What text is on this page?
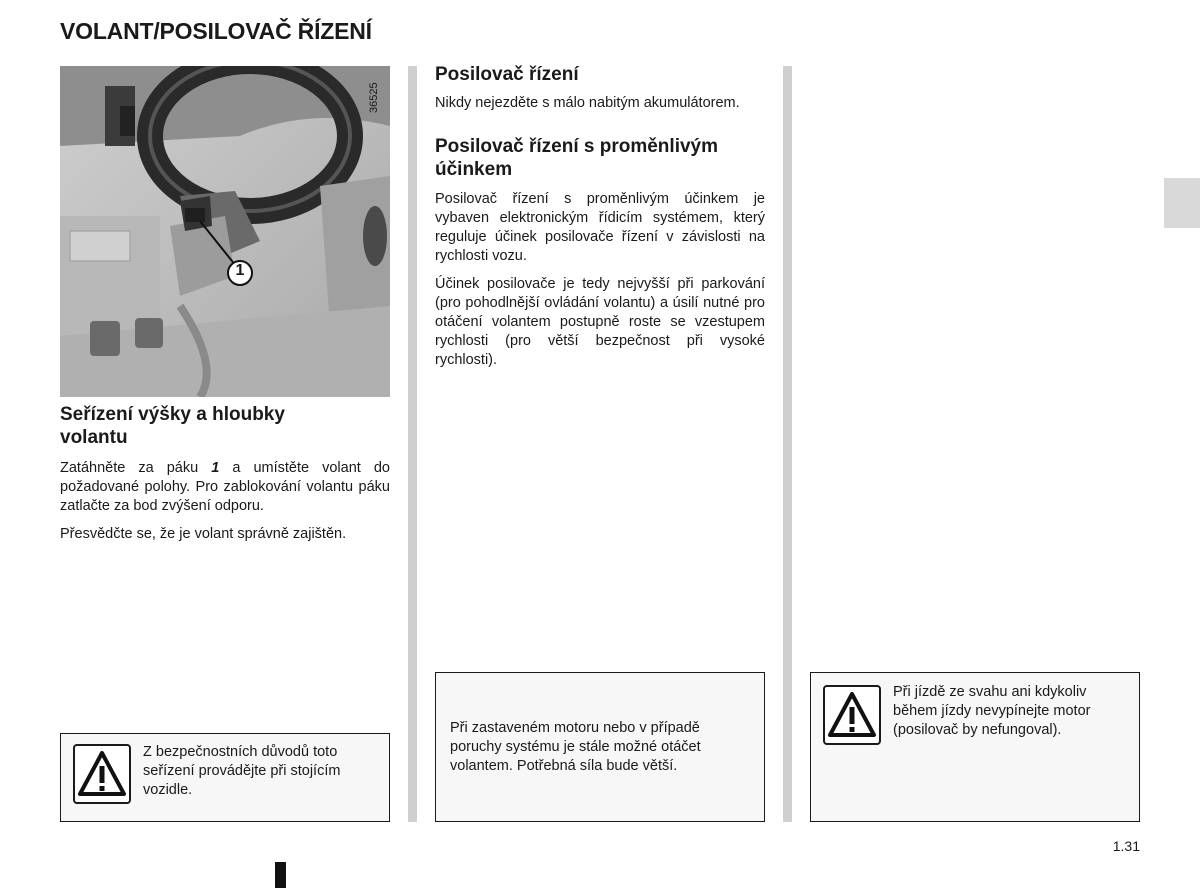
VOLANT/POSILOVAČ ŘÍZENÍ
1
36525
Seřízení výšky a hloubky volantu

Zatáhněte za páku 1 a umístěte volant do požadované polohy. Pro zablokování volantu páku zatlačte za bod zvýšení odporu.

Přesvědčte se, že je volant správně zajištěn.

Z bezpečnostních důvodů toto seřízení provádějte při stojícím vozidle.
Posilovač řízení

Nikdy nejezděte s málo nabitým akumulátorem.

Posilovač řízení s proměnlivým účinkem

Posilovač řízení s proměnlivým účinkem je vybaven elektronickým řídicím systémem, který reguluje účinek posilovače řízení v závislosti na rychlosti vozu.

Účinek posilovače je tedy nejvyšší při parkování (pro pohodlnější ovládání volantu) a úsilí nutné pro otáčení volantem postupně roste se vzestupem rychlosti (pro větší bezpečnost při vysoké rychlosti).

Při zastaveném motoru nebo v případě poruchy systému je stále možné otáčet volantem. Potřebná síla bude větší.
Při jízdě ze svahu ani kdykoliv během jízdy nevypínejte motor (posilovač by nefungoval).
1.31
